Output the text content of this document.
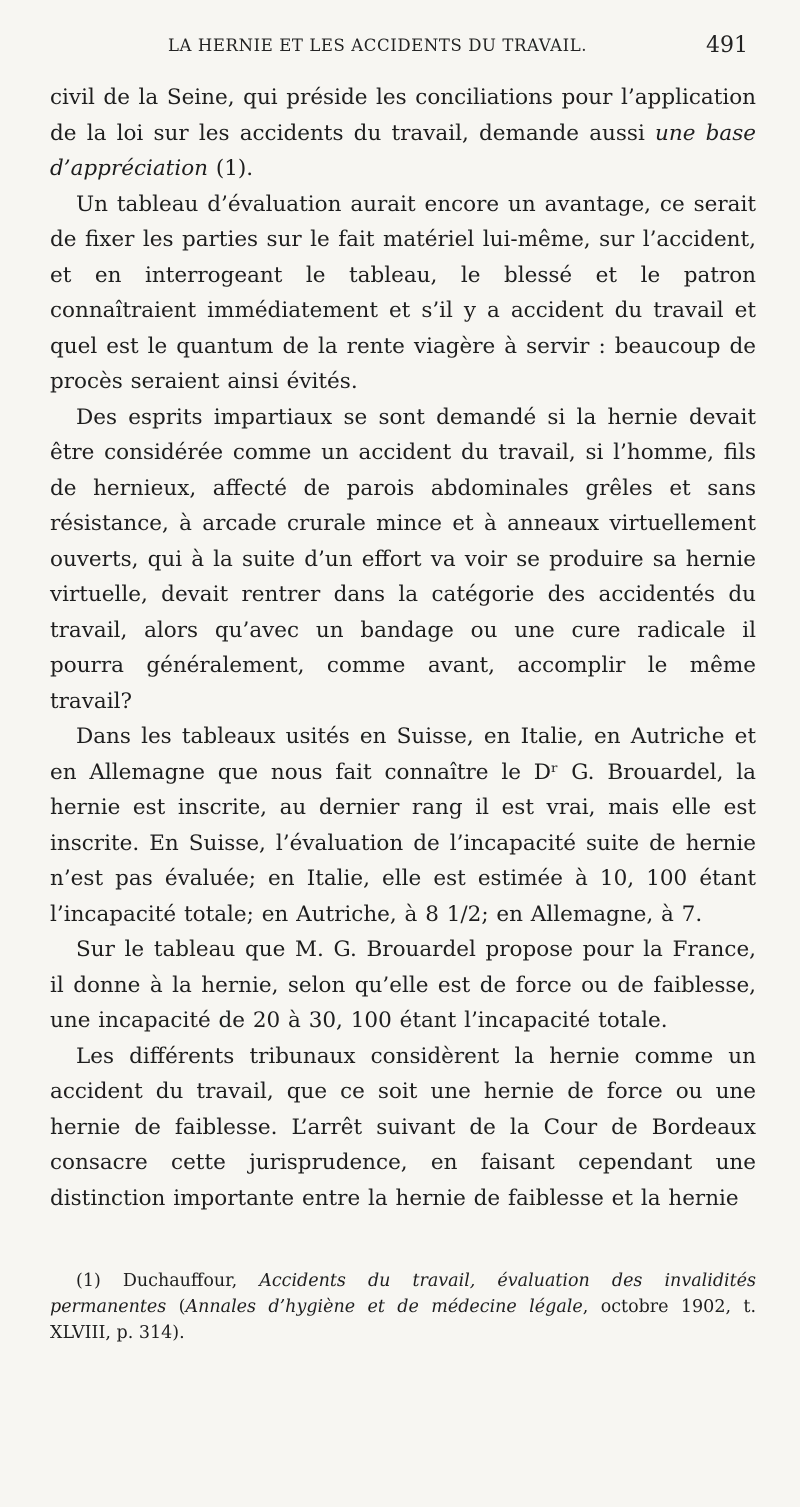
LA HERNIE ET LES ACCIDENTS DU TRAVAIL.	491

civil de la Seine, qui préside les conciliations pour l’application de la loi sur les accidents du travail, demande aussi une base d’appréciation (1).

Un tableau d’évaluation aurait encore un avantage, ce serait de fixer les parties sur le fait matériel lui-même, sur l’accident, et en interrogeant le tableau, le blessé et le patron connaîtraient immédiatement et s’il y a accident du travail et quel est le quantum de la rente viagère à servir : beaucoup de procès seraient ainsi évités.

Des esprits impartiaux se sont demandé si la hernie devait être considérée comme un accident du travail, si l’homme, fils de hernieux, affecté de parois abdominales grêles et sans résistance, à arcade crurale mince et à anneaux virtuellement ouverts, qui à la suite d’un effort va voir se produire sa hernie virtuelle, devait rentrer dans la catégorie des accidentés du travail, alors qu’avec un bandage ou une cure radicale il pourra généralement, comme avant, accomplir le même travail?

Dans les tableaux usités en Suisse, en Italie, en Autriche et en Allemagne que nous fait connaître le Dʳ G. Brouardel, la hernie est inscrite, au dernier rang il est vrai, mais elle est inscrite. En Suisse, l’évaluation de l’incapacité suite de hernie n’est pas évaluée; en Italie, elle est estimée à 10, 100 étant l’incapacité totale; en Autriche, à 8 1/2; en Allemagne, à 7.

Sur le tableau que M. G. Brouardel propose pour la France, il donne à la hernie, selon qu’elle est de force ou de faiblesse, une incapacité de 20 à 30, 100 étant l’incapacité totale.

Les différents tribunaux considèrent la hernie comme un accident du travail, que ce soit une hernie de force ou une hernie de faiblesse. L’arrêt suivant de la Cour de Bordeaux consacre cette jurisprudence, en faisant cependant une distinction importante entre la hernie de faiblesse et la hernie

(1) Duchauffour, Accidents du travail, évaluation des invalidités permanentes (Annales d’hygiène et de médecine légale, octobre 1902, t. XLVIII, p. 314).
